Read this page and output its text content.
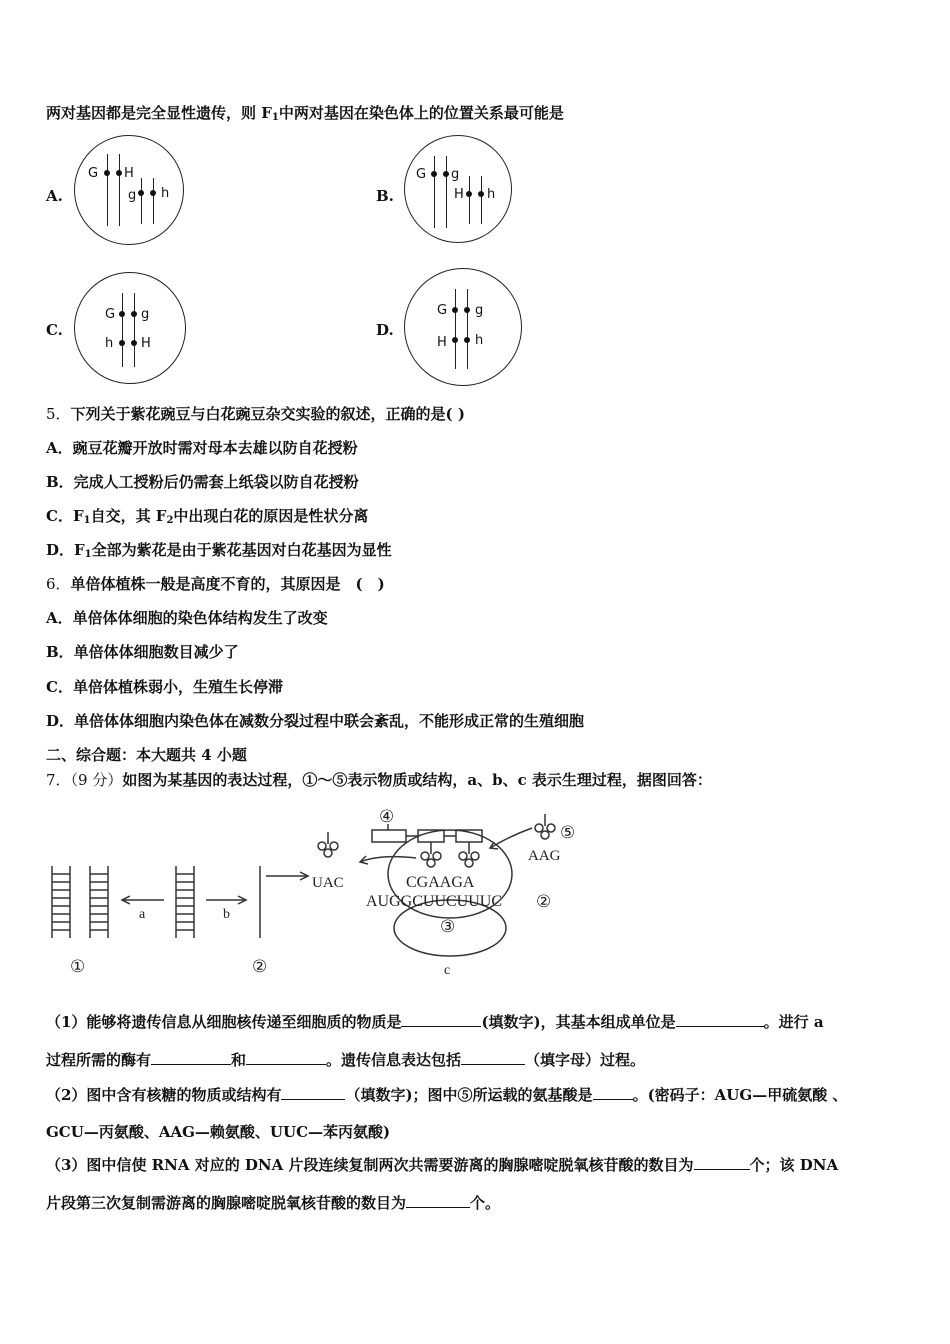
两对基因都是完全显性遗传，则 $F_1$中两对基因在染色体上的位置关系最可能是
A.
G H
g h	B.
G g
H h
C.
G g
h H
D.
G g
H h
5．下列关于紫花豌豆与白花豌豆杂交实验的叙述，正确的是( )
A．豌豆花瓣开放时需对母本去雄以防自花授粉
B．完成人工授粉后仍需套上纸袋以防自花授粉
C．$F_1$自交，其 $F_2$中出现白花的原因是性状分离
D．$F_1$全部为紫花是由于紫花基因对白花基因为显性
6．单倍体植株一般是高度不育的，其原因是　(　)
A．单倍体体细胞的染色体结构发生了改变
B．单倍体体细胞数目减少了
C．单倍体植株弱小，生殖生长停滞
D．单倍体体细胞内染色体在减数分裂过程中联会紊乱，不能形成正常的生殖细胞
二、综合题：本大题共 4 小题
7．（9 分）如图为某基因的表达过程，①～⑤表示物质或结构，a、b、c 表示生理过程，据图回答：
a	b
c
①	②
③
④
⑤
②
UAC
AAG
CGAAGA
AUGGCUUCUUUC
（1）能够将遗传信息从细胞核传递至细胞质的物质是	(填数字)，其基本组成单位是	。进行 a
过程所需的酶有	和	。遗传信息表达包括	（填字母）过程。
（2）图中含有核糖的物质或结构有	（填数字)；图中⑤所运载的氨基酸是	。(密码子：AUG—甲硫氨酸 、
GCU—丙氨酸、AAG—赖氨酸、UUC—苯丙氨酸)
（3）图中信使 RNA 对应的 DNA 片段连续复制两次共需要游离的胸腺嘧啶脱氧核苷酸的数目为	个；该 DNA
片段第三次复制需游离的胸腺嘧啶脱氧核苷酸的数目为	个。
